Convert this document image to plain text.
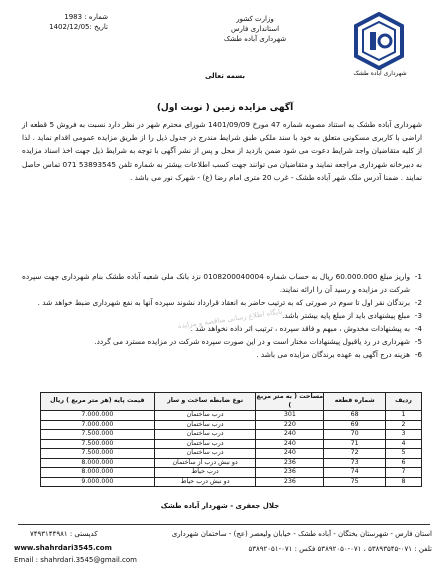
شماره : 1983
تاریخ :1402/12/05
وزارت کشور
استانداری فارس
شهرداری آباده طشک
شهرداری آباده طشک
بسمه تعالی
آگهی مزایده زمین ( نوبت اول)
شهرداری آباده طشک به استناد مصوبه شماره 47 مورخ 1401/09/09 شورای محترم شهر در نظر دارد نسبت به فروش 5 قطعه از اراضی با کاربری مسکونی متعلق به خود با سند ملکی طبق شرایط مندرج در جدول ذیل را از طریق مزایده عمومی اقدام نماید . لذا از کلیه متقاضیان واجد شرایط دعوت می شود ضمن بازدید از محل و پس از نشر آگهی با توجه به شرایط ذیل جهت اخذ اسناد مزایده به دبیرخانه شهرداری مراجعه نمایند و متقاضیان می توانند جهت کسب اطلاعات بیشتر به شماره تلفن 53893545 071 تماس حاصل نمایند . ضمنا آدرس ملک شهر آباده طشک - غرب 20 متری امام رضا (ع) - شهرک نور می باشد .
1-
واریز مبلغ 60.000.000 ریال به حساب شماره 0108200040004 نزد بانک ملی شعبه آباده طشک بنام شهرداری جهت سپرده شرکت در مزایده و رسید آن را ارائه نمایند.
2-
برندگان نفر اول تا سوم در صورتی که به ترتیب حاضر به انعقاد قرارداد نشوند سپرده آنها به نفع شهرداری ضبط خواهد شد .
3-
مبلغ پیشنهادی باید از مبلغ پایه بیشتر باشد.
4-
به پیشنهادات مخدوش ، مبهم و فاقد سپرده ، ترتیب اثر داده نخواهد شد .
5-
شهرداری در رد یاقبول پیشنهادات مختار است و در این صورت سپرده شرکت در مزایده مسترد می گردد.
6-
هزینه درج آگهی به عهده برندگان مزایده می باشد .
پایگاه اطلاع رسانی مناقصه و مزایده
ردیف	شماره قطعه	مساحت ( به متر مربع )	نوع ضابطه ساخت و ساز	قیمت پایه (هر متر مربع ) ریال
1	68	301	درب ساختمان	7.000.000
2	69	220	درب ساختمان	7.000.000
3	70	240	درب ساختمان	7.500.000
4	71	240	درب ساختمان	7.500.000
5	72	240	درب ساختمان	7.500.000
6	73	236	دو نبش درب از ساختمان	8.000.000
7	74	236	درب حیاط	8.000.000
8	75	236	دو نبش درب حیاط	9.000.000
جلال جعفری - شهردار آباده طشک
استان فارس - شهرستان بختگان - آباده طشک - خیابان ولیعصر (عج) - ساختمان شهرداری
کدپستی : ۷۴۹۳۱۴۴۹۸۱
تلفن : ۰۷۱-۵۳۸۹۳۵۴۵ ، ۰۷۱-۵۳۸۹۲۰۵۰ فکس : ۰۷۱-۵۳۸۹۲۰۵۱
www.shahrdari3545.com
Email : shahrdari.3545@gmail.com
